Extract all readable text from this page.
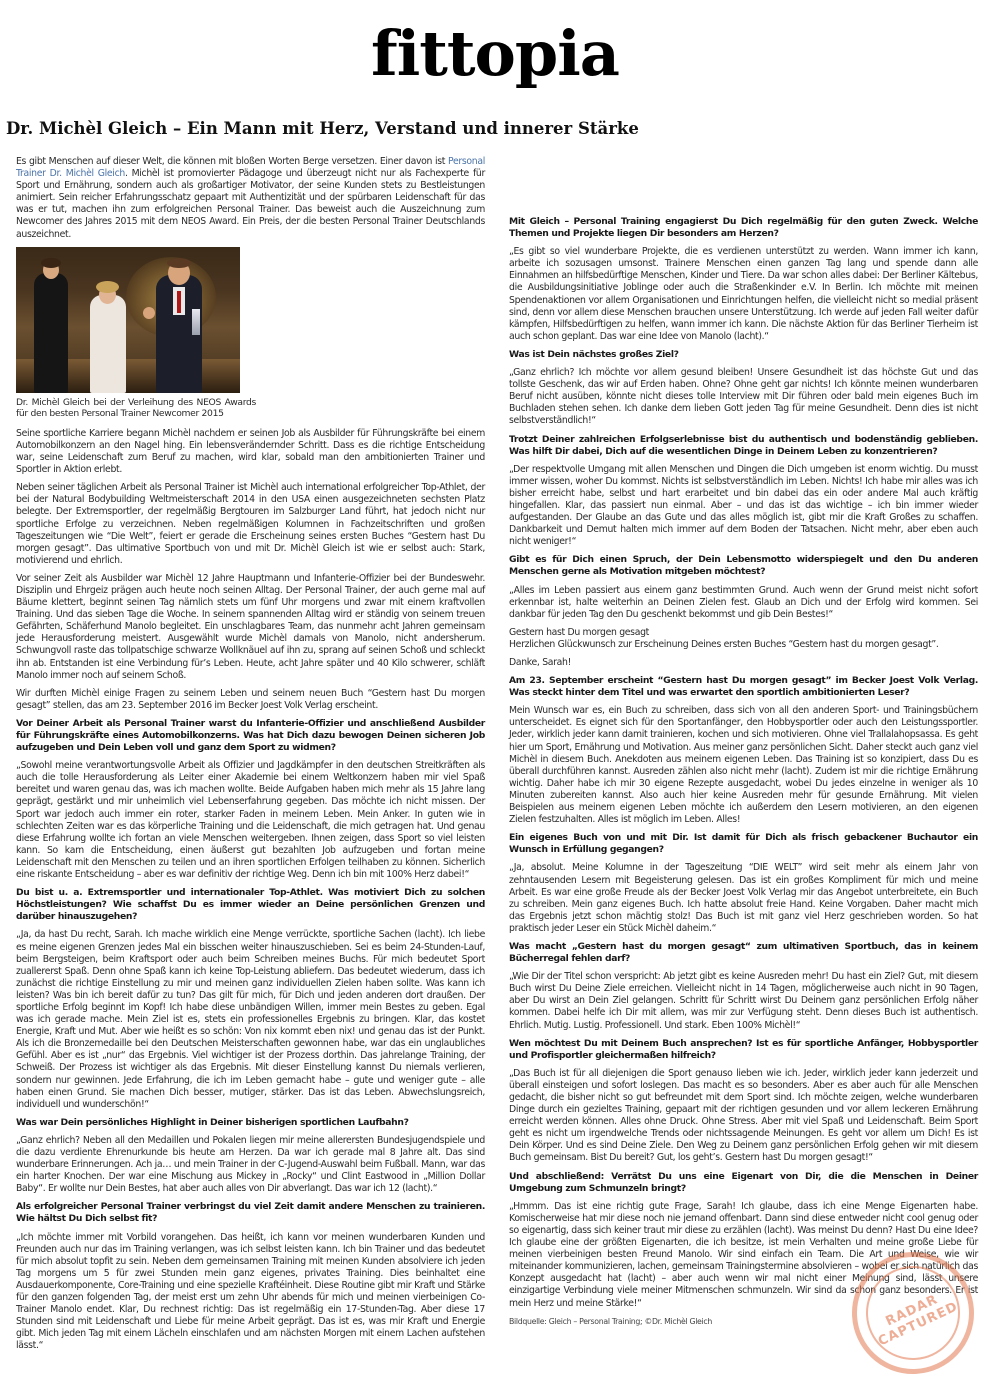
fittopia
Dr. Michèl Gleich – Ein Mann mit Herz, Verstand und innerer Stärke

Es gibt Menschen auf dieser Welt, die können mit bloßen Worten Berge versetzen. Einer davon ist Personal Trainer Dr. Michèl Gleich. Michèl ist promovierter Pädagoge und überzeugt nicht nur als Fachexperte für Sport und Ernährung, sondern auch als großartiger Motivator, der seine Kunden stets zu Bestleistungen animiert. Sein reicher Erfahrungsschatz gepaart mit Authentizität und der spürbaren Leidenschaft für das was er tut, machen ihn zum erfolgreichen Personal Trainer. Das beweist auch die Auszeichnung zum Newcomer des Jahres 2015 mit dem NEOS Award. Ein Preis, der die besten Personal Trainer Deutschlands auszeichnet.

Dr. Michèl Gleich bei der Verleihung des NEOS Awards für den besten Personal Trainer Newcomer 2015

Seine sportliche Karriere begann Michèl nachdem er seinen Job als Ausbilder für Führungskräfte bei einem Automobilkonzern an den Nagel hing. Ein lebensverändernder Schritt. Dass es die richtige Entscheidung war, seine Leidenschaft zum Beruf zu machen, wird klar, sobald man den ambitionierten Trainer und Sportler in Aktion erlebt.

Neben seiner täglichen Arbeit als Personal Trainer ist Michèl auch international erfolgreicher Top-Athlet, der bei der Natural Bodybuilding Weltmeisterschaft 2014 in den USA einen ausgezeichneten sechsten Platz belegte. Der Extremsportler, der regelmäßig Bergtouren im Salzburger Land führt, hat jedoch nicht nur sportliche Erfolge zu verzeichnen. Neben regelmäßigen Kolumnen in Fachzeitschriften und großen Tageszeitungen wie “Die Welt”, feiert er gerade die Erscheinung seines ersten Buches “Gestern hast Du morgen gesagt”. Das ultimative Sportbuch von und mit Dr. Michèl Gleich ist wie er selbst auch: Stark, motivierend und ehrlich.

Vor seiner Zeit als Ausbilder war Michèl 12 Jahre Hauptmann und Infanterie-Offizier bei der Bundeswehr. Disziplin und Ehrgeiz prägen auch heute noch seinen Alltag. Der Personal Trainer, der auch gerne mal auf Bäume klettert, beginnt seinen Tag nämlich stets um fünf Uhr morgens und zwar mit einem kraftvollen Training. Und das sieben Tage die Woche. In seinem spannenden Alltag wird er ständig von seinem treuen Gefährten, Schäferhund Manolo begleitet. Ein unschlagbares Team, das nunmehr acht Jahren gemeinsam jede Herausforderung meistert. Ausgewählt wurde Michèl damals von Manolo, nicht andersherum. Schwungvoll raste das tollpatschige schwarze Wollknäuel auf ihn zu, sprang auf seinen Schoß und schleckt ihn ab. Entstanden ist eine Verbindung für’s Leben. Heute, acht Jahre später und 40 Kilo schwerer, schläft Manolo immer noch auf seinem Schoß.

Wir durften Michèl einige Fragen zu seinem Leben und seinem neuen Buch “Gestern hast Du morgen gesagt” stellen, das am 23. September 2016 im Becker Joest Volk Verlag erscheint.

Vor Deiner Arbeit als Personal Trainer warst du Infanterie-Offizier und anschließend Ausbilder für Führungskräfte eines Automobilkonzerns. Was hat Dich dazu bewogen Deinen sicheren Job aufzugeben und Dein Leben voll und ganz dem Sport zu widmen?

„Sowohl meine verantwortungsvolle Arbeit als Offizier und Jagdkämpfer in den deutschen Streitkräften als auch die tolle Herausforderung als Leiter einer Akademie bei einem Weltkonzern haben mir viel Spaß bereitet und waren genau das, was ich machen wollte. Beide Aufgaben haben mich mehr als 15 Jahre lang geprägt, gestärkt und mir unheimlich viel Lebenserfahrung gegeben. Das möchte ich nicht missen. Der Sport war jedoch auch immer ein roter, starker Faden in meinem Leben. Mein Anker. In guten wie in schlechten Zeiten war es das körperliche Training und die Leidenschaft, die mich getragen hat. Und genau diese Erfahrung wollte ich fortan an viele Menschen weitergeben. Ihnen zeigen, dass Sport so viel leisten kann. So kam die Entscheidung, einen äußerst gut bezahlten Job aufzugeben und fortan meine Leidenschaft mit den Menschen zu teilen und an ihren sportlichen Erfolgen teilhaben zu können. Sicherlich eine riskante Entscheidung – aber es war definitiv der richtige Weg. Denn ich bin mit 100% Herz dabei!“

Du bist u. a. Extremsportler und internationaler Top-Athlet. Was motiviert Dich zu solchen Höchstleistungen? Wie schaffst Du es immer wieder an Deine persönlichen Grenzen und darüber hinauszugehen?

„Ja, da hast Du recht, Sarah. Ich mache wirklich eine Menge verrückte, sportliche Sachen (lacht). Ich liebe es meine eigenen Grenzen jedes Mal ein bisschen weiter hinauszuschieben. Sei es beim 24-Stunden-Lauf, beim Bergsteigen, beim Kraftsport oder auch beim Schreiben meines Buchs. Für mich bedeutet Sport zuallererst Spaß. Denn ohne Spaß kann ich keine Top-Leistung abliefern. Das bedeutet wiederum, dass ich zunächst die richtige Einstellung zu mir und meinen ganz individuellen Zielen haben sollte. Was kann ich leisten? Was bin ich bereit dafür zu tun? Das gilt für mich, für Dich und jeden anderen dort draußen. Der sportliche Erfolg beginnt im Kopf! Ich habe diese unbändigen Willen, immer mein Bestes zu geben. Egal was ich gerade mache. Mein Ziel ist es, stets ein professionelles Ergebnis zu bringen. Klar, das kostet Energie, Kraft und Mut. Aber wie heißt es so schön: Von nix kommt eben nix! und genau das ist der Punkt. Als ich die Bronzemedaille bei den Deutschen Meisterschaften gewonnen habe, war das ein unglaubliches Gefühl. Aber es ist „nur“ das Ergebnis. Viel wichtiger ist der Prozess dorthin. Das jahrelange Training, der Schweiß. Der Prozess ist wichtiger als das Ergebnis. Mit dieser Einstellung kannst Du niemals verlieren, sondern nur gewinnen. Jede Erfahrung, die ich im Leben gemacht habe – gute und weniger gute – alle haben einen Grund. Sie machen Dich besser, mutiger, stärker. Das ist das Leben. Abwechslungsreich, individuell und wunderschön!“

Was war Dein persönliches Highlight in Deiner bisherigen sportlichen Laufbahn?

„Ganz ehrlich? Neben all den Medaillen und Pokalen liegen mir meine allerersten Bundesjugendspiele und die dazu verdiente Ehrenurkunde bis heute am Herzen. Da war ich gerade mal 8 Jahre alt. Das sind wunderbare Erinnerungen. Ach ja… und mein Trainer in der C-Jugend-Auswahl beim Fußball. Mann, war das ein harter Knochen. Der war eine Mischung aus Mickey in „Rocky“ und Clint Eastwood in „Million Dollar Baby“. Er wollte nur Dein Bestes, hat aber auch alles von Dir abverlangt. Das war ich 12 (lacht).“

Als erfolgreicher Personal Trainer verbringst du viel Zeit damit andere Menschen zu trainieren. Wie hältst Du Dich selbst fit?

„Ich möchte immer mit Vorbild vorangehen. Das heißt, ich kann vor meinen wunderbaren Kunden und Freunden auch nur das im Training verlangen, was ich selbst leisten kann. Ich bin Trainer und das bedeutet für mich absolut topfit zu sein. Neben dem gemeinsamen Training mit meinen Kunden absolviere ich jeden Tag morgens um 5 für zwei Stunden mein ganz eigenes, privates Training. Dies beinhaltet eine Ausdauerkomponente, Core-Training und eine spezielle Kraftéinheit. Diese Routine gibt mir Kraft und Stärke für den ganzen folgenden Tag, der meist erst um zehn Uhr abends für mich und meinen vierbeinigen Co-Trainer Manolo endet. Klar, Du rechnest richtig: Das ist regelmäßig ein 17-Stunden-Tag. Aber diese 17 Stunden sind mit Leidenschaft und Liebe für meine Arbeit geprägt. Das ist es, was mir Kraft und Energie gibt. Mich jeden Tag mit einem Lächeln einschlafen und am nächsten Morgen mit einem Lachen aufstehen lässt.“

Mit Gleich – Personal Training engagierst Du Dich regelmäßig für den guten Zweck. Welche Themen und Projekte liegen Dir besonders am Herzen?

„Es gibt so viel wunderbare Projekte, die es verdienen unterstützt zu werden. Wann immer ich kann, arbeite ich sozusagen umsonst. Trainere Menschen einen ganzen Tag lang und spende dann alle Einnahmen an hilfsbedürftige Menschen, Kinder und Tiere. Da war schon alles dabei: Der Berliner Kältebus, die Ausbildungsinitiative Joblinge oder auch die Straßenkinder e.V. In Berlin. Ich möchte mit meinen Spendenaktionen vor allem Organisationen und Einrichtungen helfen, die vielleicht nicht so medial präsent sind, denn vor allem diese Menschen brauchen unsere Unterstützung. Ich werde auf jeden Fall weiter dafür kämpfen, Hilfsbedürftigen zu helfen, wann immer ich kann. Die nächste Aktion für das Berliner Tierheim ist auch schon geplant. Das war eine Idee von Manolo (lacht).“

Was ist Dein nächstes großes Ziel?

„Ganz ehrlich? Ich möchte vor allem gesund bleiben! Unsere Gesundheit ist das höchste Gut und das tollste Geschenk, das wir auf Erden haben. Ohne? Ohne geht gar nichts! Ich könnte meinen wunderbaren Beruf nicht ausüben, könnte nicht dieses tolle Interview mit Dir führen oder bald mein eigenes Buch im Buchladen stehen sehen. Ich danke dem lieben Gott jeden Tag für meine Gesundheit. Denn dies ist nicht selbstverständlich!“

Trotzt Deiner zahlreichen Erfolgserlebnisse bist du authentisch und bodenständig geblieben. Was hilft Dir dabei, Dich auf die wesentlichen Dinge in Deinem Leben zu konzentrieren?

„Der respektvolle Umgang mit allen Menschen und Dingen die Dich umgeben ist enorm wichtig. Du musst immer wissen, woher Du kommst. Nichts ist selbstverständlich im Leben. Nichts! Ich habe mir alles was ich bisher erreicht habe, selbst und hart erarbeitet und bin dabei das ein oder andere Mal auch kräftig hingefallen. Klar, das passiert nun einmal. Aber – und das ist das wichtige – ich bin immer wieder aufgestanden. Der Glaube an das Gute und das alles möglich ist, gibt mir die Kraft Großes zu schaffen. Dankbarkeit und Demut halten mich immer auf dem Boden der Tatsachen. Nicht mehr, aber eben auch nicht weniger!“

Gibt es für Dich einen Spruch, der Dein Lebensmotto widerspiegelt und den Du anderen Menschen gerne als Motivation mitgeben möchtest?

„Alles im Leben passiert aus einem ganz bestimmten Grund. Auch wenn der Grund meist nicht sofort erkennbar ist, halte weiterhin an Deinen Zielen fest. Glaub an Dich und der Erfolg wird kommen. Sei dankbar für jeden Tag den Du geschenkt bekommst und gib Dein Bestes!“

Gestern hast Du morgen gesagt
Herzlichen Glückwunsch zur Erscheinung Deines ersten Buches “Gestern hast du morgen gesagt”.

Danke, Sarah!

Am 23. September erscheint “Gestern hast Du morgen gesagt” im Becker Joest Volk Verlag. Was steckt hinter dem Titel und was erwartet den sportlich ambitionierten Leser?

Mein Wunsch war es, ein Buch zu schreiben, dass sich von all den anderen Sport- und Trainingsbüchern unterscheidet. Es eignet sich für den Sportanfänger, den Hobbysportler oder auch den Leistungssportler. Jeder, wirklich jeder kann damit trainieren, kochen und sich motivieren. Ohne viel Trallalahopsassa. Es geht hier um Sport, Ernährung und Motivation. Aus meiner ganz persönlichen Sicht. Daher steckt auch ganz viel Michèl in diesem Buch. Anekdoten aus meinem eigenen Leben. Das Training ist so konzipiert, dass Du es überall durchführen kannst. Ausreden zählen also nicht mehr (lacht). Zudem ist mir die richtige Ernährung wichtig. Daher habe ich mir 30 eigene Rezepte ausgedacht, wobei Du jedes einzelne in weniger als 10 Minuten zubereiten kannst. Also auch hier keine Ausreden mehr für gesunde Ernährung. Mit vielen Beispielen aus meinem eigenen Leben möchte ich außerdem den Lesern motivieren, an den eigenen Zielen festzuhalten. Alles ist möglich im Leben. Alles!

Ein eigenes Buch von und mit Dir. Ist damit für Dich als frisch gebackener Buchautor ein Wunsch in Erfüllung gegangen?

„Ja, absolut. Meine Kolumne in der Tageszeitung “DIE WELT” wird seit mehr als einem Jahr von zehntausenden Lesern mit Begeisterung gelesen. Das ist ein großes Kompliment für mich und meine Arbeit. Es war eine große Freude als der Becker Joest Volk Verlag mir das Angebot unterbreitete, ein Buch zu schreiben. Mein ganz eigenes Buch. Ich hatte absolut freie Hand. Keine Vorgaben. Daher macht mich das Ergebnis jetzt schon mächtig stolz! Das Buch ist mit ganz viel Herz geschrieben worden. So hat praktisch jeder Leser ein Stück Michèl daheim.“

Was macht „Gestern hast du morgen gesagt“ zum ultimativen Sportbuch, das in keinem Bücherregal fehlen darf?

„Wie Dir der Titel schon verspricht: Ab jetzt gibt es keine Ausreden mehr! Du hast ein Ziel? Gut, mit diesem Buch wirst Du Deine Ziele erreichen. Vielleicht nicht in 14 Tagen, möglicherweise auch nicht in 90 Tagen, aber Du wirst an Dein Ziel gelangen. Schritt für Schritt wirst Du Deinem ganz persönlichen Erfolg näher kommen. Dabei helfe ich Dir mit allem, was mir zur Verfügung steht. Denn dieses Buch ist authentisch. Ehrlich. Mutig. Lustig. Professionell. Und stark. Eben 100% Michèl!“

Wen möchtest Du mit Deinem Buch ansprechen? Ist es für sportliche Anfänger, Hobbysportler und Profisportler gleichermaßen hilfreich?

„Das Buch ist für all diejenigen die Sport genauso lieben wie ich. Jeder, wirklich jeder kann jederzeit und überall einsteigen und sofort loslegen. Das macht es so besonders. Aber es aber auch für alle Menschen gedacht, die bisher nicht so gut befreundet mit dem Sport sind. Ich möchte zeigen, welche wunderbaren Dinge durch ein gezieltes Training, gepaart mit der richtigen gesunden und vor allem leckeren Ernährung erreicht werden können. Alles ohne Druck. Ohne Stress. Aber mit viel Spaß und Leidenschaft. Beim Sport geht es nicht um irgendwelche Trends oder nichtssagende Meinungen. Es geht vor allem um Dich! Es ist Dein Körper. Und es sind Deine Ziele. Den Weg zu Deinem ganz persönlichen Erfolg gehen wir mit diesem Buch gemeinsam. Bist Du bereit? Gut, los geht’s. Gestern hast Du morgen gesagt!“

Und abschließend: Verrätst Du uns eine Eigenart von Dir, die die Menschen in Deiner Umgebung zum Schmunzeln bringt?

„Hmmm. Das ist eine richtig gute Frage, Sarah! Ich glaube, dass ich eine Menge Eigenarten habe. Komischerweise hat mir diese noch nie jemand offenbart. Dann sind diese entweder nicht cool genug oder so eigenartig, dass sich keiner traut mir diese zu erzählen (lacht). Was meinst Du denn? Hast Du eine Idee? Ich glaube eine der größten Eigenarten, die ich besitze, ist mein Verhalten und meine große Liebe für meinen vierbeinigen besten Freund Manolo. Wir sind einfach ein Team. Die Art und Weise, wie wir miteinander kommunizieren, lachen, gemeinsam Trainingstermine absolvieren – wobei er sich natürlich das Konzept ausgedacht hat (lacht) – aber auch wenn wir mal nicht einer Meinung sind, lässt unsere einzigartige Verbindung viele meiner Mitmenschen schmunzeln. Wir sind da schon ganz besonders. Er ist mein Herz und meine Stärke!“

Bildquelle: Gleich – Personal Training; ©Dr. Michèl Gleich	RADAR CAPTURED
